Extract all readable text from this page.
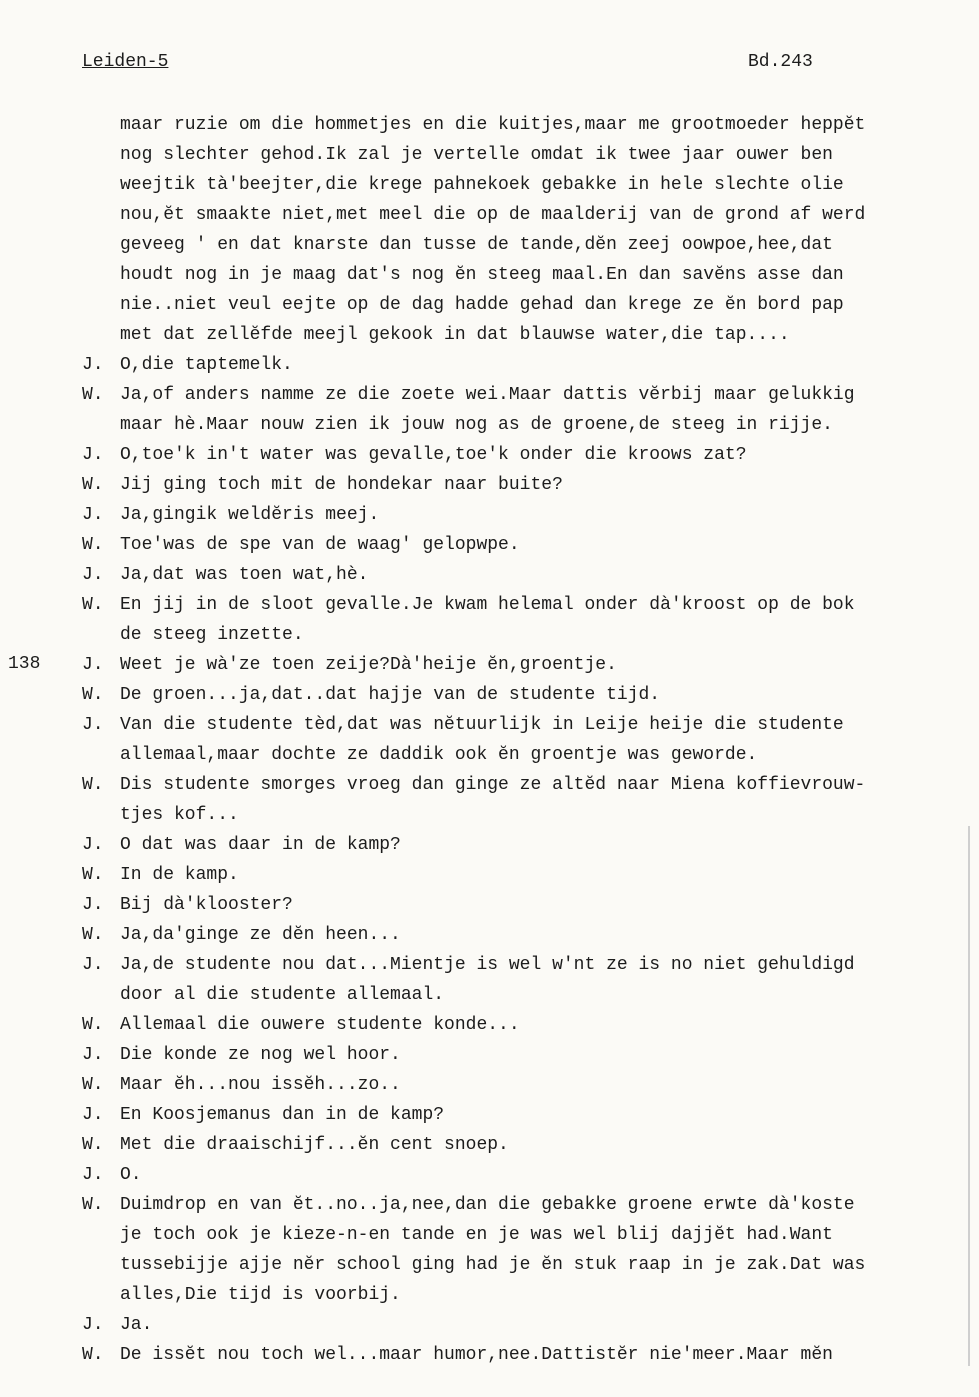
Leiden-5	Bd.243
138
maar ruzie om die hommetjes en die kuitjes,maar me grootmoeder heppĕt
nog slechter gehod.Ik zal je vertelle omdat ik twee jaar ouwer ben
weejtik tà'beejter,die krege pahnekoek gebakke in hele slechte olie
nou,ĕt smaakte niet,met meel die op de maalderij van de grond af werd
geveeg ' en dat knarste dan tusse de tande,dĕn zeej oowpoe,hee,dat
houdt nog in je maag dat's nog ĕn steeg maal.En dan savĕns asse dan
nie..niet veul eejte op de dag hadde gehad dan krege ze ĕn bord pap
met dat zellĕfde meejl gekook in dat blauwse water,die tap....
J. O,die taptemelk.
W. Ja,of anders namme ze die zoete wei.Maar dattis vĕrbij maar gelukkig
maar hè.Maar nouw zien ik jouw nog as de groene,de steeg in rijje.
J. O,toe'k in't water was gevalle,toe'k onder die kroows zat?
W. Jij ging toch mit de hondekar naar buite?
J. Ja,gingik weldĕris meej.
W. Toe'was de spe van de waag' gelopwpe.
J. Ja,dat was toen wat,hè.
W. En jij in de sloot gevalle.Je kwam helemal onder dà'kroost op de bok
de steeg inzette.
J. Weet je wà'ze toen zeije?Dà'heije ĕn,groentje.
W. De groen...ja,dat..dat hajje van de studente tijd.
J. Van die studente tèd,dat was nĕtuurlijk in Leije heije die studente
allemaal,maar dochte ze daddik ook ĕn groentje was geworde.
W. Dis studente smorges vroeg dan ginge ze altĕd naar Miena koffievrouw-
tjes kof...
J. O dat was daar in de kamp?
W. In de kamp.
J. Bij dà'klooster?
W. Ja,da'ginge ze dĕn heen...
J. Ja,de studente nou dat...Mientje is wel w'nt ze is no niet gehuldigd
door al die studente allemaal.
W. Allemaal die ouwere studente konde...
J. Die konde ze nog wel hoor.
W. Maar ĕh...nou issĕh...zo..
J. En Koosjemanus dan in de kamp?
W. Met die draaischijf...ĕn cent snoep.
J. O.
W. Duimdrop en van ĕt..no..ja,nee,dan die gebakke groene erwte dà'koste
je toch ook je kieze-n-en tande en je was wel blij dajjĕt had.Want
tussebijje ajje nĕr school ging had je ĕn stuk raap in je zak.Dat was
alles,Die tijd is voorbij.
J. Ja.
W. De issĕt nou toch wel...maar humor,nee.Dattistĕr nie'meer.Maar mĕn
